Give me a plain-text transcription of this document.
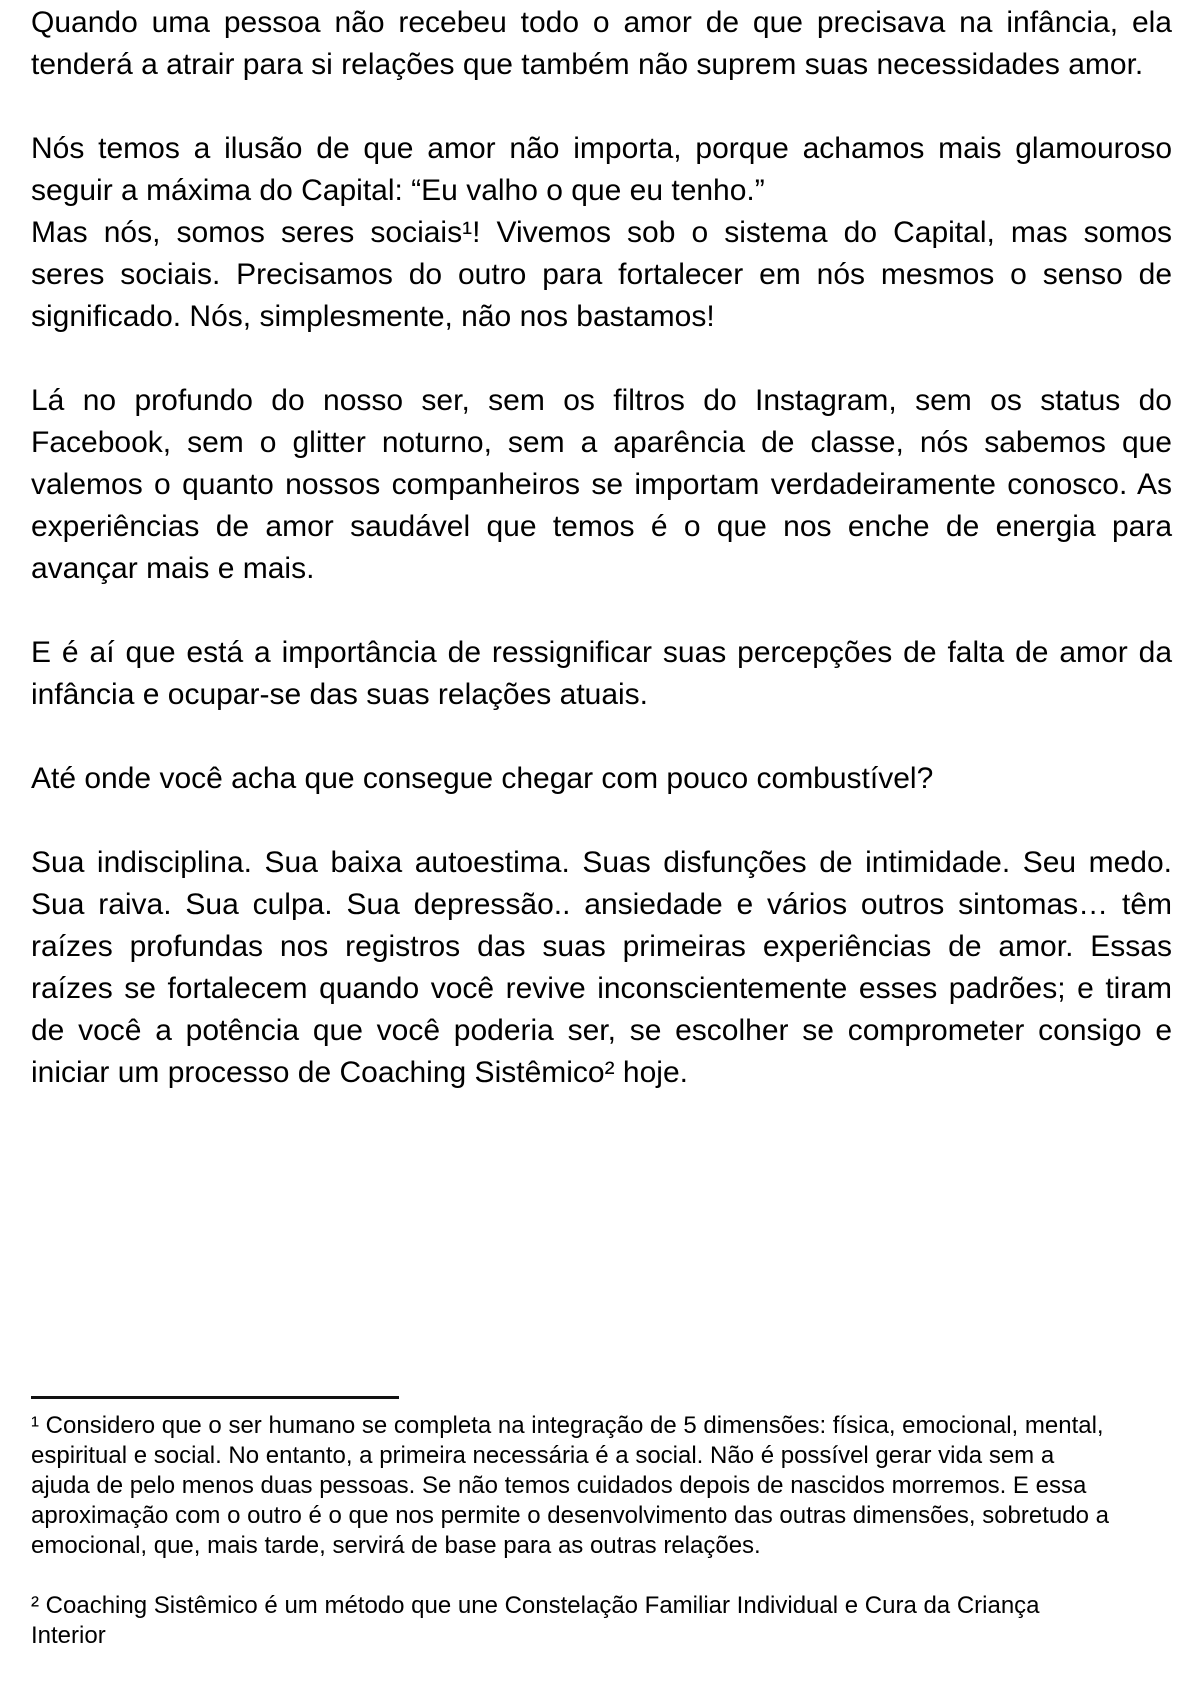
Quando uma pessoa não recebeu todo o amor de que precisava na infância, ela
tenderá a atrair para si relações que também não suprem suas necessidades amor.

Nós temos a ilusão de que amor não importa, porque achamos mais glamouroso
seguir a máxima do Capital: “Eu valho o que eu tenho.”

Mas nós, somos seres sociais¹! Vivemos sob o sistema do Capital, mas somos
seres sociais. Precisamos do outro para fortalecer em nós mesmos o senso de
significado. Nós, simplesmente, não nos bastamos!

Lá no profundo do nosso ser, sem os filtros do Instagram, sem os status do
Facebook, sem o glitter noturno, sem a aparência de classe, nós sabemos que
valemos o quanto nossos companheiros se importam verdadeiramente conosco. As
experiências de amor saudável que temos é o que nos enche de energia para
avançar mais e mais.

E é aí que está a importância de ressignificar suas percepções de falta de amor da
infância e ocupar-se das suas relações atuais.

Até onde você acha que consegue chegar com pouco combustível?

Sua indisciplina. Sua baixa autoestima. Suas disfunções de intimidade. Seu medo.
Sua raiva. Sua culpa. Sua depressão.. ansiedade e vários outros sintomas… têm
raízes profundas nos registros das suas primeiras experiências de amor. Essas
raízes se fortalecem quando você revive inconscientemente esses padrões; e tiram
de você a potência que você poderia ser, se escolher se comprometer consigo e
iniciar um processo de Coaching Sistêmico² hoje.

¹ Considero que o ser humano se completa na integração de 5 dimensões: física, emocional, mental,
espiritual e social. No entanto, a primeira necessária é a social. Não é possível gerar vida sem a
ajuda de pelo menos duas pessoas. Se não temos cuidados depois de nascidos morremos. E essa
aproximação com o outro é o que nos permite o desenvolvimento das outras dimensões, sobretudo a
emocional, que, mais tarde, servirá de base para as outras relações.
² Coaching Sistêmico é um método que une Constelação Familiar Individual e Cura da Criança
Interior
